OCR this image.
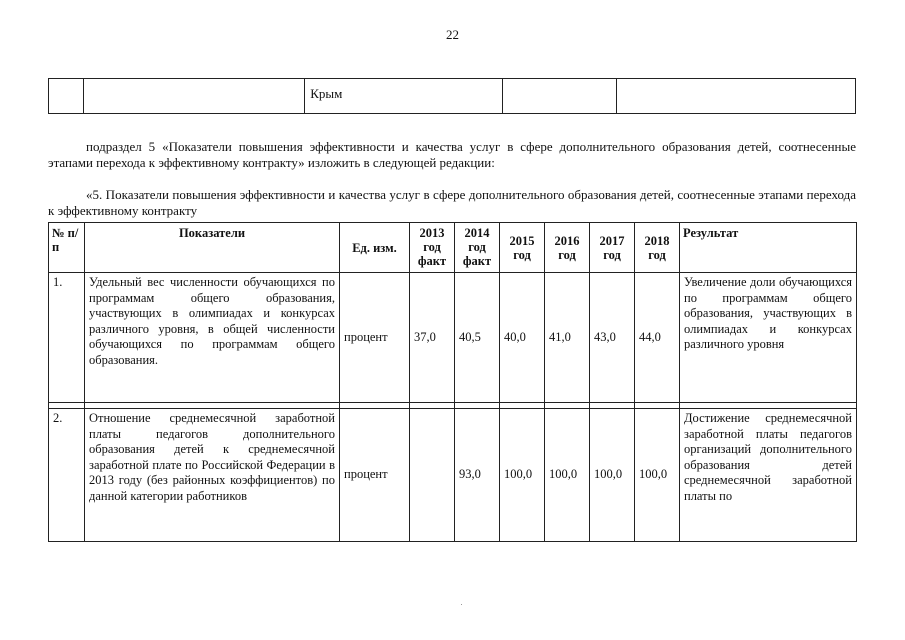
22
		Крым		

подраздел 5 «Показатели повышения эффективности и качества услуг в сфере дополнительного образования детей, соотнесенные этапами перехода к эффективному контракту» изложить в следующей редакции:

«5. Показатели повышения эффективности и качества услуг в сфере дополнительного образования детей, соотнесенные этапами перехода к эффективному контракту

№ п/п	Показатели	Ед. изм.	2013 год факт	2014 год факт	2015 год	2016 год	2017 год	2018 год	Результат
1.	Удельный вес численности обучающихся по программам общего образования, участвующих в олимпиадах и конкурсах различного уровня, в общей численности обучающихся по программам общего образования.	процент	37,0	40,5	40,0	41,0	43,0	44,0	Увеличение доли обучающихся по программам общего образования, участвующих в олимпиадах и конкурсах различного уровня

2.	Отношение среднемесячной заработной платы педагогов дополнительного образования детей к среднемесячной заработной плате по Российской Федерации в 2013 году (без районных коэффициентов) по данной категории работников	процент		93,0	100,0	100,0	100,0	100,0	Достижение среднемесячной заработной платы педагогов организаций дополнительного образования детей среднемесячной заработной платы по
